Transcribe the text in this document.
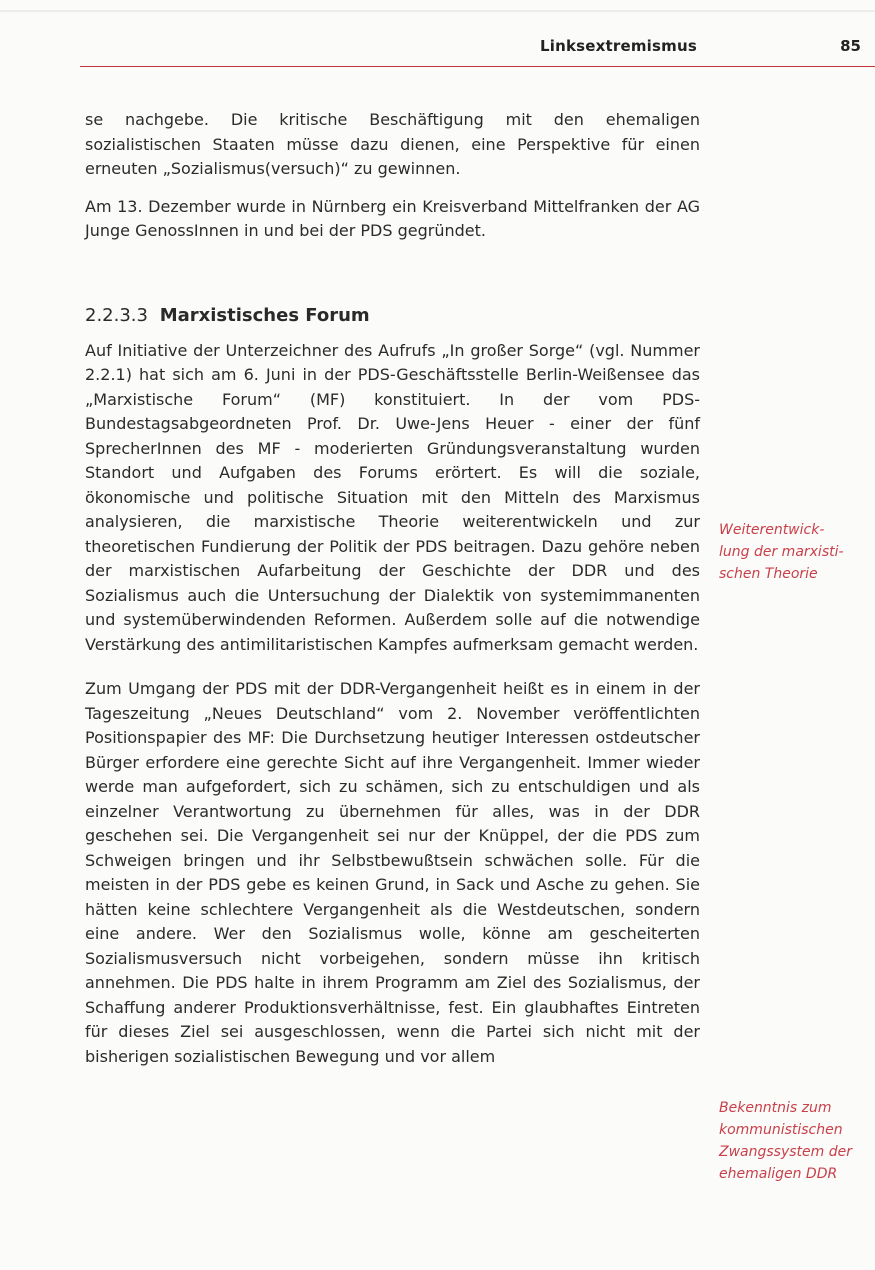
Linksextremismus	85

se nachgebe. Die kritische Beschäftigung mit den ehemaligen sozialistischen Staaten müsse dazu dienen, eine Perspektive für einen erneuten „Sozialismus(versuch)“ zu gewinnen.

Am 13. Dezember wurde in Nürnberg ein Kreisverband Mittelfranken der AG Junge GenossInnen in und bei der PDS gegründet.

2.2.3.3 Marxistisches Forum

Auf Initiative der Unterzeichner des Aufrufs „In großer Sorge“ (vgl. Nummer 2.2.1) hat sich am 6. Juni in der PDS-Geschäftsstelle Berlin-Weißensee das „Marxistische Forum“ (MF) konstituiert. In der vom PDS-Bundestagsabgeordneten Prof. Dr. Uwe-Jens Heuer - einer der fünf SprecherInnen des MF - moderierten Gründungsveranstaltung wurden Standort und Aufgaben des Forums erörtert. Es will die soziale, ökonomische und politische Situation mit den Mitteln des Marxismus analysieren, die marxistische Theorie weiterentwickeln und zur theoretischen Fundierung der Politik der PDS beitragen. Dazu gehöre neben der marxistischen Aufarbeitung der Geschichte der DDR und des Sozialismus auch die Untersuchung der Dialektik von systemimmanenten und systemüberwindenden Reformen. Außerdem solle auf die notwendige Verstärkung des antimilitaristischen Kampfes aufmerksam gemacht werden.

Zum Umgang der PDS mit der DDR-Vergangenheit heißt es in einem in der Tageszeitung „Neues Deutschland“ vom 2. November veröffentlichten Positionspapier des MF: Die Durchsetzung heutiger Interessen ostdeutscher Bürger erfordere eine gerechte Sicht auf ihre Vergangenheit. Immer wieder werde man aufgefordert, sich zu schämen, sich zu entschuldigen und als einzelner Verantwortung zu übernehmen für alles, was in der DDR geschehen sei. Die Vergangenheit sei nur der Knüppel, der die PDS zum Schweigen bringen und ihr Selbstbewußtsein schwächen solle. Für die meisten in der PDS gebe es keinen Grund, in Sack und Asche zu gehen. Sie hätten keine schlechtere Vergangenheit als die Westdeutschen, sondern eine andere. Wer den Sozialismus wolle, könne am gescheiterten Sozialismusversuch nicht vorbeigehen, sondern müsse ihn kritisch annehmen. Die PDS halte in ihrem Programm am Ziel des Sozialismus, der Schaffung anderer Produktionsverhältnisse, fest. Ein glaubhaftes Eintreten für dieses Ziel sei ausgeschlossen, wenn die Partei sich nicht mit der bisherigen sozialistischen Bewegung und vor allem

Weiterentwick-
lung der marxisti-
schen Theorie
Bekenntnis zum
kommunistischen
Zwangssystem der
ehemaligen DDR
